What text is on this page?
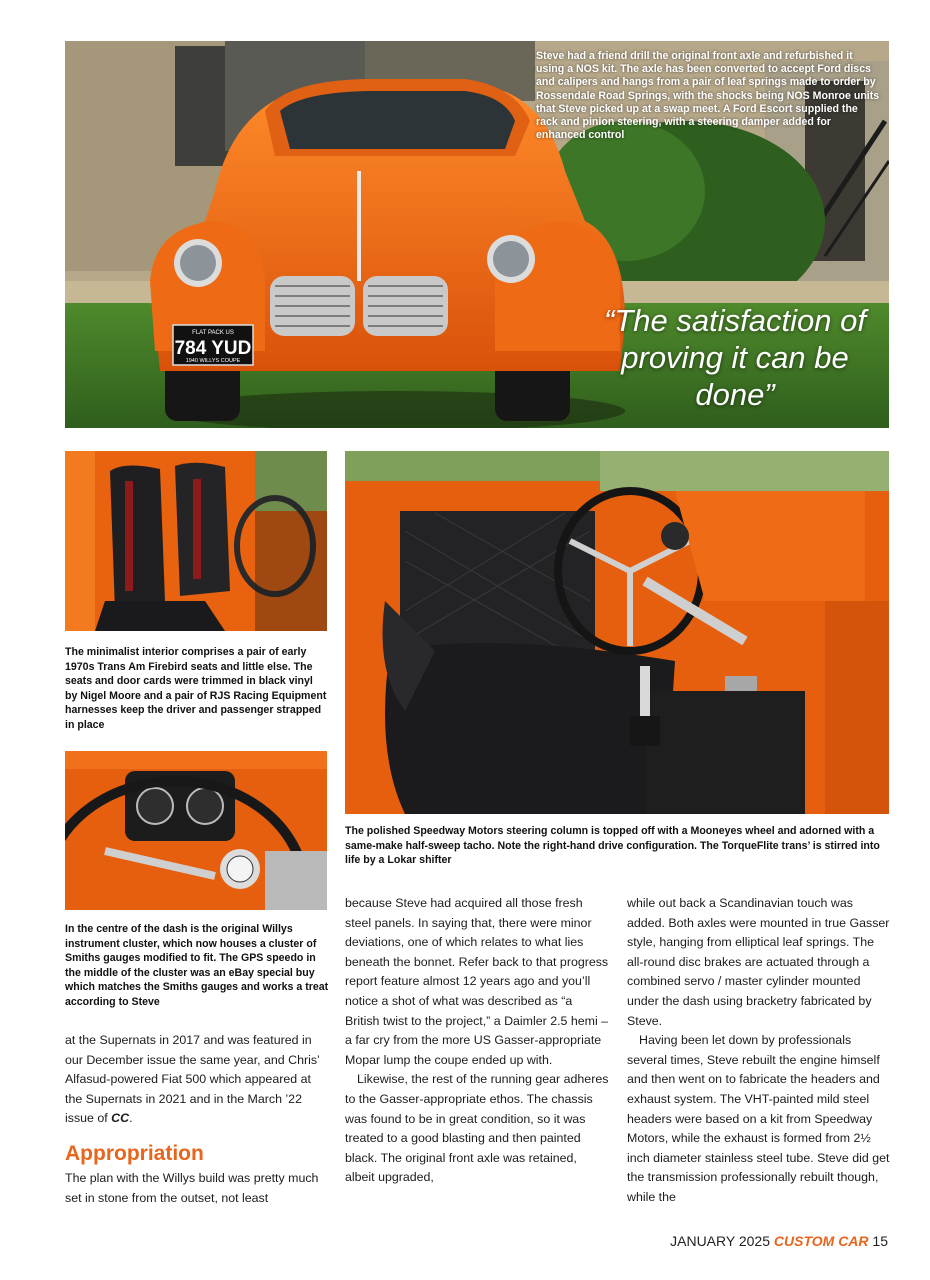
FLAT PACK US
784 YUD
1940 WILLYS COUPE
Steve had a friend drill the original front axle and refurbished it using a NOS kit. The axle has been converted to accept Ford discs and calipers and hangs from a pair of leaf springs made to order by Rossendale Road Springs, with the shocks being NOS Monroe units that Steve picked up at a swap meet. A Ford Escort supplied the rack and pinion steering, with a steering damper added for enhanced control
“The satisfaction of proving it can be done”
The minimalist interior comprises a pair of early 1970s Trans Am Firebird seats and little else. The seats and door cards were trimmed in black vinyl by Nigel Moore and a pair of RJS Racing Equipment harnesses keep the driver and passenger strapped in place
The polished Speedway Motors steering column is topped off with a Mooneyes wheel and adorned with a same-make half-sweep tacho. Note the right-hand drive configuration. The TorqueFlite trans’ is stirred into life by a Lokar shifter
In the centre of the dash is the original Willys instrument cluster, which now houses a cluster of Smiths gauges modified to fit. The GPS speedo in the middle of the cluster was an eBay special buy which matches the Smiths gauges and works a treat according to Steve

at the Supernats in 2017 and was featured in our December issue the same year, and Chris’ Alfasud-powered Fiat 500 which appeared at the Supernats in 2021 and in the March ’22 issue of CC.

Appropriation

The plan with the Willys build was pretty much set in stone from the outset, not least

because Steve had acquired all those fresh steel panels. In saying that, there were minor deviations, one of which relates to what lies beneath the bonnet. Refer back to that progress report feature almost 12 years ago and you’ll notice a shot of what was described as “a British twist to the project,” a Daimler 2.5 hemi – a far cry from the more US Gasser-appropriate Mopar lump the coupe ended up with.

Likewise, the rest of the running gear adheres to the Gasser-appropriate ethos. The chassis was found to be in great condition, so it was treated to a good blasting and then painted black. The original front axle was retained, albeit upgraded,

while out back a Scandinavian touch was added. Both axles were mounted in true Gasser style, hanging from elliptical leaf springs. The all-round disc brakes are actuated through a combined servo / master cylinder mounted under the dash using bracketry fabricated by Steve.

Having been let down by professionals several times, Steve rebuilt the engine himself and then went on to fabricate the headers and exhaust system. The VHT-painted mild steel headers were based on a kit from Speedway Motors, while the exhaust is formed from 2½ inch diameter stainless steel tube. Steve did get the transmission professionally rebuilt though, while the

JANUARY 2025 CUSTOM CAR 15
